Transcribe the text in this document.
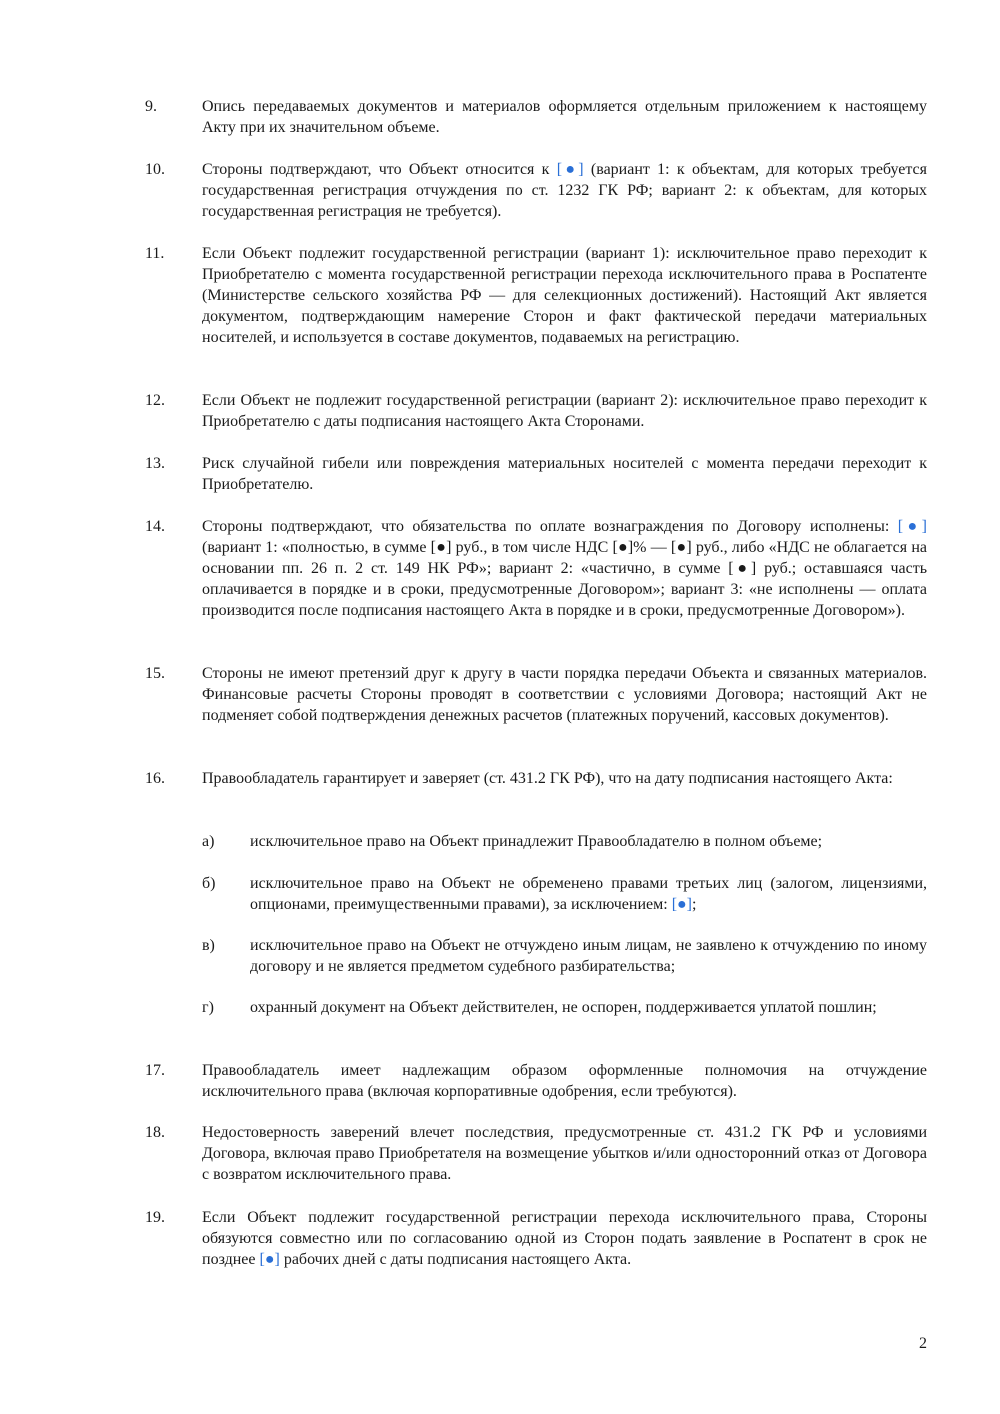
9.	Опись передаваемых документов и материалов оформляется отдельным приложением к настоящему Акту при их значительном объеме.
10. Стороны подтверждают, что Объект относится к [●] (вариант 1: к объектам, для которых требуется государственная регистрация отчуждения по ст. 1232 ГК РФ; вариант 2: к объектам, для которых государственная регистрация не требуется).
11. Если Объект подлежит государственной регистрации (вариант 1): исключительное право переходит к Приобретателю с момента государственной регистрации перехода исключительного права в Роспатенте (Министерстве сельского хозяйства РФ — для селекционных достижений). Настоящий Акт является документом, подтверждающим намерение Сторон и факт фактической передачи материальных носителей, и используется в составе документов, подаваемых на регистрацию.
12. Если Объект не подлежит государственной регистрации (вариант 2): исключительное право переходит к Приобретателю с даты подписания настоящего Акта Сторонами.
13. Риск случайной гибели или повреждения материальных носителей с момента передачи переходит к Приобретателю.
14. Стороны подтверждают, что обязательства по оплате вознаграждения по Договору исполнены: [●] (вариант 1: «полностью, в сумме [●] руб., в том числе НДС [●]% — [●] руб., либо «НДС не облагается на основании пп. 26 п. 2 ст. 149 НК РФ»; вариант 2: «частично, в сумме [●] руб.; оставшаяся часть оплачивается в порядке и в сроки, предусмотренные Договором»; вариант 3: «не исполнены — оплата производится после подписания настоящего Акта в порядке и в сроки, предусмотренные Договором»).
15. Стороны не имеют претензий друг к другу в части порядка передачи Объекта и связанных материалов. Финансовые расчеты Стороны проводят в соответствии с условиями Договора; настоящий Акт не подменяет собой подтверждения денежных расчетов (платежных поручений, кассовых документов).
16. Правообладатель гарантирует и заверяет (ст. 431.2 ГК РФ), что на дату подписания настоящего Акта:
а) исключительное право на Объект принадлежит Правообладателю в полном объеме;
б) исключительное право на Объект не обременено правами третьих лиц (залогом, лицензиями, опционами, преимущественными правами), за исключением: [●];
в) исключительное право на Объект не отчуждено иным лицам, не заявлено к отчуждению по иному договору и не является предметом судебного разбирательства;
г) охранный документ на Объект действителен, не оспорен, поддерживается уплатой пошлин;
17. Правообладатель имеет надлежащим образом оформленные полномочия на отчуждение исключительного права (включая корпоративные одобрения, если требуются).
18. Недостоверность заверений влечет последствия, предусмотренные ст. 431.2 ГК РФ и условиями Договора, включая право Приобретателя на возмещение убытков и/или односторонний отказ от Договора с возвратом исключительного права.
19. Если Объект подлежит государственной регистрации перехода исключительного права, Стороны обязуются совместно или по согласованию одной из Сторон подать заявление в Роспатент в срок не позднее [●] рабочих дней с даты подписания настоящего Акта.
2
